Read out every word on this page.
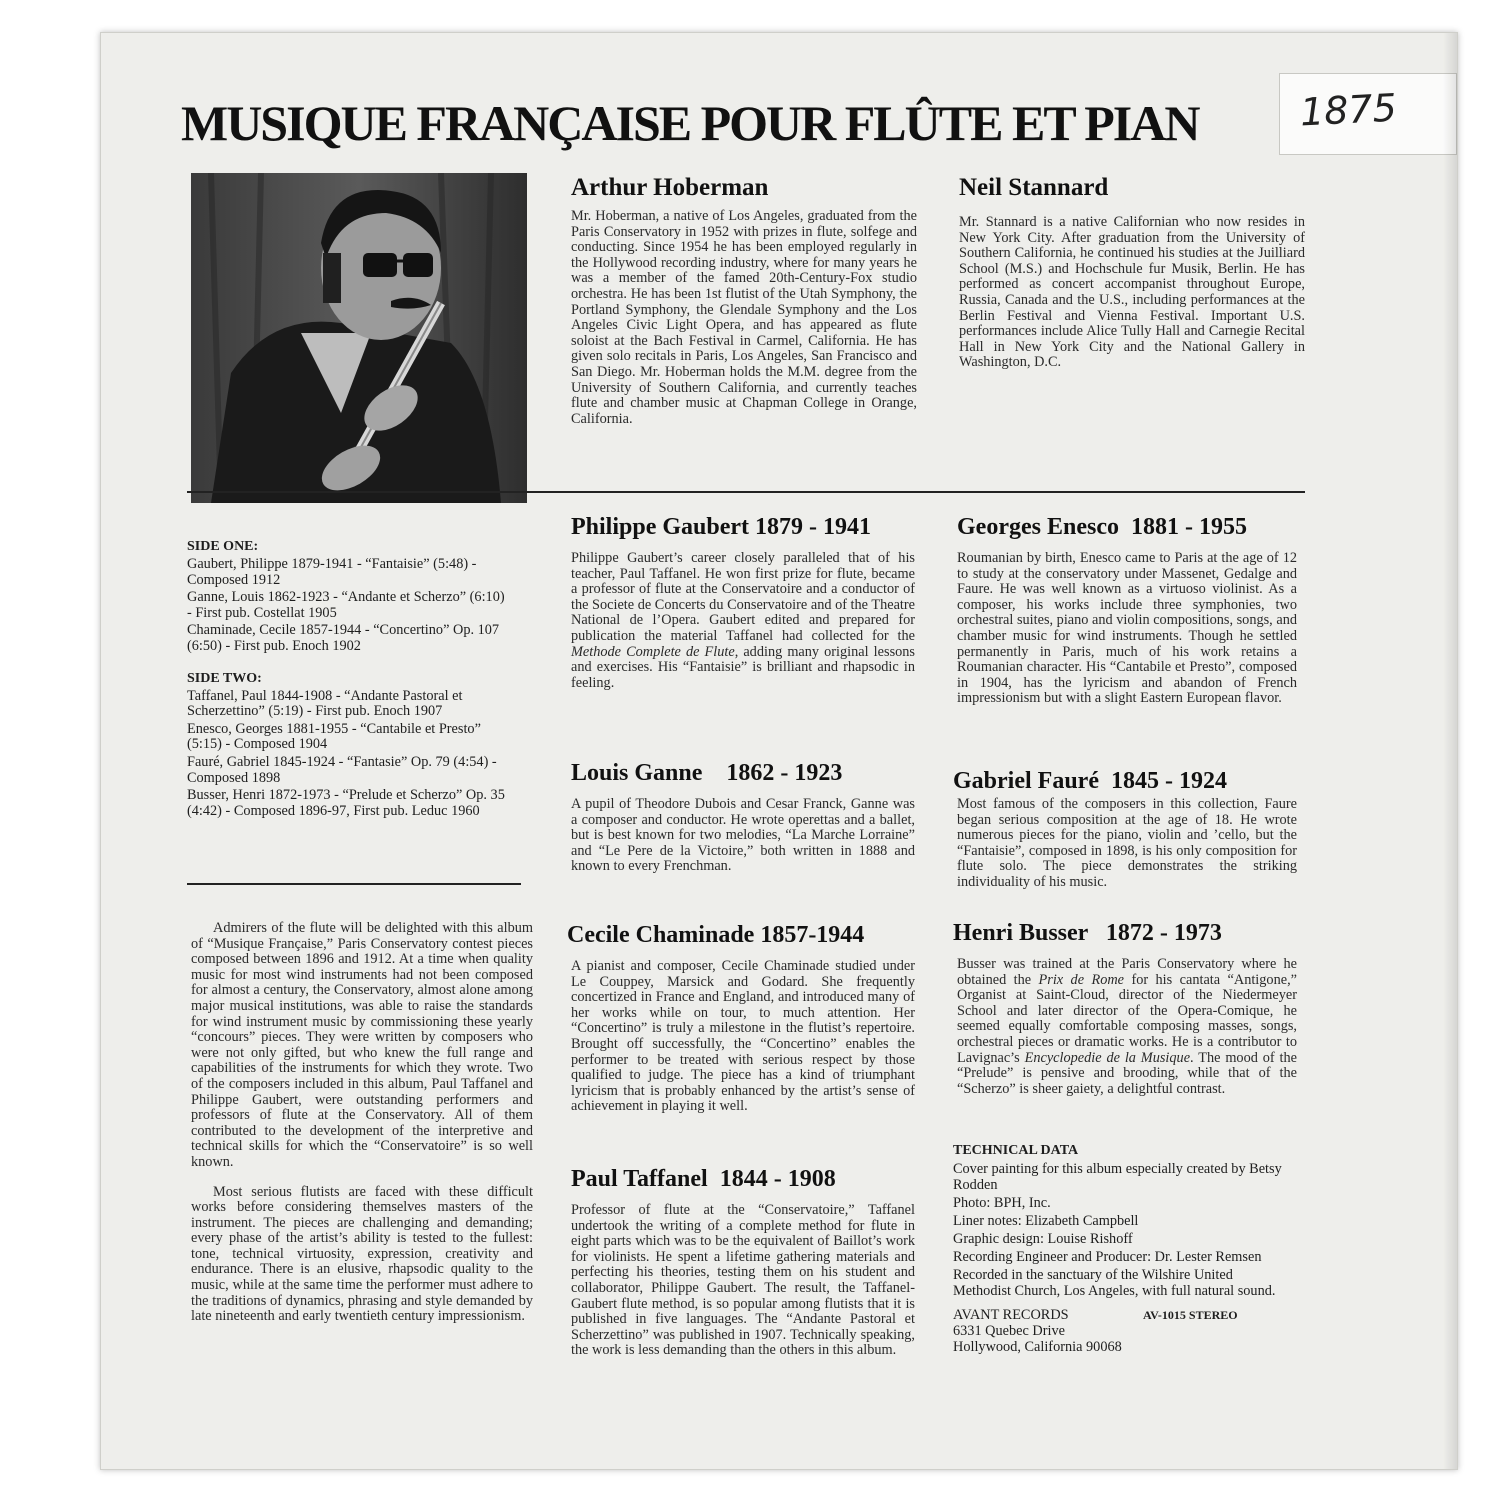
MUSIQUE FRANÇAISE POUR FLÛTE ET PIAN	1875
Arthur Hoberman

Mr. Hoberman, a native of Los Angeles, graduated from the Paris Conservatory in 1952 with prizes in flute, solfege and conducting. Since 1954 he has been employed regularly in the Hollywood recording industry, where for many years he was a member of the famed 20th-Century-Fox studio orchestra. He has been 1st flutist of the Utah Symphony, the Portland Symphony, the Glendale Symphony and the Los Angeles Civic Light Opera, and has appeared as flute soloist at the Bach Festival in Carmel, California. He has given solo recitals in Paris, Los Angeles, San Francisco and San Diego. Mr. Hoberman holds the M.M. degree from the University of Southern California, and currently teaches flute and chamber music at Chapman College in Orange, California.

Neil Stannard

Mr. Stannard is a native Californian who now resides in New York City. After graduation from the University of Southern California, he continued his studies at the Juilliard School (M.S.) and Hochschule fur Musik, Berlin. He has performed as concert accompanist throughout Europe, Russia, Canada and the U.S., including performances at the Berlin Festival and Vienna Festival. Important U.S. performances include Alice Tully Hall and Carnegie Recital Hall in New York City and the National Gallery in Washington, D.C.

SIDE ONE:

Gaubert, Philippe 1879-1941 - “Fantaisie” (5:48) - Composed 1912

Ganne, Louis 1862-1923 - “Andante et Scherzo” (6:10) - First pub. Costellat 1905

Chaminade, Cecile 1857-1944 - “Concertino” Op. 107 (6:50) - First pub. Enoch 1902

SIDE TWO:

Taffanel, Paul 1844-1908 - “Andante Pastoral et Scherzettino” (5:19) - First pub. Enoch 1907

Enesco, Georges 1881-1955 - “Cantabile et Presto” (5:15) - Composed 1904

Fauré, Gabriel 1845-1924 - “Fantasie” Op. 79 (4:54) - Composed 1898

Busser, Henri 1872-1973 - “Prelude et Scherzo” Op. 35 (4:42) - Composed 1896-97, First pub. Leduc 1960

Admirers of the flute will be delighted with this album of “Musique Française,” Paris Conservatory contest pieces composed between 1896 and 1912. At a time when quality music for most wind instruments had not been composed for almost a century, the Conservatory, almost alone among major musical institutions, was able to raise the standards for wind instrument music by commissioning these yearly “concours” pieces. They were written by composers who were not only gifted, but who knew the full range and capabilities of the instruments for which they wrote. Two of the composers included in this album, Paul Taffanel and Philippe Gaubert, were outstanding performers and professors of flute at the Conservatory. All of them contributed to the development of the interpretive and technical skills for which the “Conservatoire” is so well known.

Most serious flutists are faced with these difficult works before considering themselves masters of the instrument. The pieces are challenging and demanding; every phase of the artist’s ability is tested to the fullest: tone, technical virtuosity, expression, creativity and endurance. There is an elusive, rhapsodic quality to the music, while at the same time the performer must adhere to the traditions of dynamics, phrasing and style demanded by late nineteenth and early twentieth century impressionism.

Philippe Gaubert 1879 - 1941

Philippe Gaubert’s career closely paralleled that of his teacher, Paul Taffanel. He won first prize for flute, became a professor of flute at the Conservatoire and a conductor of the Societe de Concerts du Conservatoire and of the Theatre National de l’Opera. Gaubert edited and prepared for publication the material Taffanel had collected for the Methode Complete de Flute, adding many original lessons and exercises. His “Fantaisie” is brilliant and rhapsodic in feeling.

Louis Ganne    1862 - 1923

A pupil of Theodore Dubois and Cesar Franck, Ganne was a composer and conductor. He wrote operettas and a ballet, but is best known for two melodies, “La Marche Lorraine” and “Le Pere de la Victoire,” both written in 1888 and known to every Frenchman.

Cecile Chaminade 1857-1944

A pianist and composer, Cecile Chaminade studied under Le Couppey, Marsick and Godard. She frequently concertized in France and England, and introduced many of her works while on tour, to much attention. Her “Concertino” is truly a milestone in the flutist’s repertoire. Brought off successfully, the “Concertino” enables the performer to be treated with serious respect by those qualified to judge. The piece has a kind of triumphant lyricism that is probably enhanced by the artist’s sense of achievement in playing it well.

Paul Taffanel  1844 - 1908

Professor of flute at the “Conservatoire,” Taffanel undertook the writing of a complete method for flute in eight parts which was to be the equivalent of Baillot’s work for violinists. He spent a lifetime gathering materials and perfecting his theories, testing them on his student and collaborator, Philippe Gaubert. The result, the Taffanel-Gaubert flute method, is so popular among flutists that it is published in five languages. The “Andante Pastoral et Scherzettino” was published in 1907. Technically speaking, the work is less demanding than the others in this album.

Georges Enesco  1881 - 1955

Roumanian by birth, Enesco came to Paris at the age of 12 to study at the conservatory under Massenet, Gedalge and Faure. He was well known as a virtuoso violinist. As a composer, his works include three symphonies, two orchestral suites, piano and violin compositions, songs, and chamber music for wind instruments. Though he settled permanently in Paris, much of his work retains a Roumanian character. His “Cantabile et Presto”, composed in 1904, has the lyricism and abandon of French impressionism but with a slight Eastern European flavor.

Gabriel Fauré  1845 - 1924

Most famous of the composers in this collection, Faure began serious composition at the age of 18. He wrote numerous pieces for the piano, violin and ’cello, but the “Fantaisie”, composed in 1898, is his only composition for flute solo. The piece demonstrates the striking individuality of his music.

Henri Busser   1872 - 1973

Busser was trained at the Paris Conservatory where he obtained the Prix de Rome for his cantata “Antigone,” Organist at Saint-Cloud, director of the Niedermeyer School and later director of the Opera-Comique, he seemed equally comfortable composing masses, songs, orchestral pieces or dramatic works. He is a contributor to Lavignac’s Encyclopedie de la Musique. The mood of the “Prelude” is pensive and brooding, while that of the “Scherzo” is sheer gaiety, a delightful contrast.

TECHNICAL DATA

Cover painting for this album especially created by Betsy Rodden

Photo: BPH, Inc.

Liner notes: Elizabeth Campbell

Graphic design: Louise Rishoff

Recording Engineer and Producer: Dr. Lester Remsen

Recorded in the sanctuary of the Wilshire United Methodist Church, Los Angeles, with full natural sound.

AVANT RECORDS	AV-1015 STEREO
6331 Quebec Drive
Hollywood, California 90068
